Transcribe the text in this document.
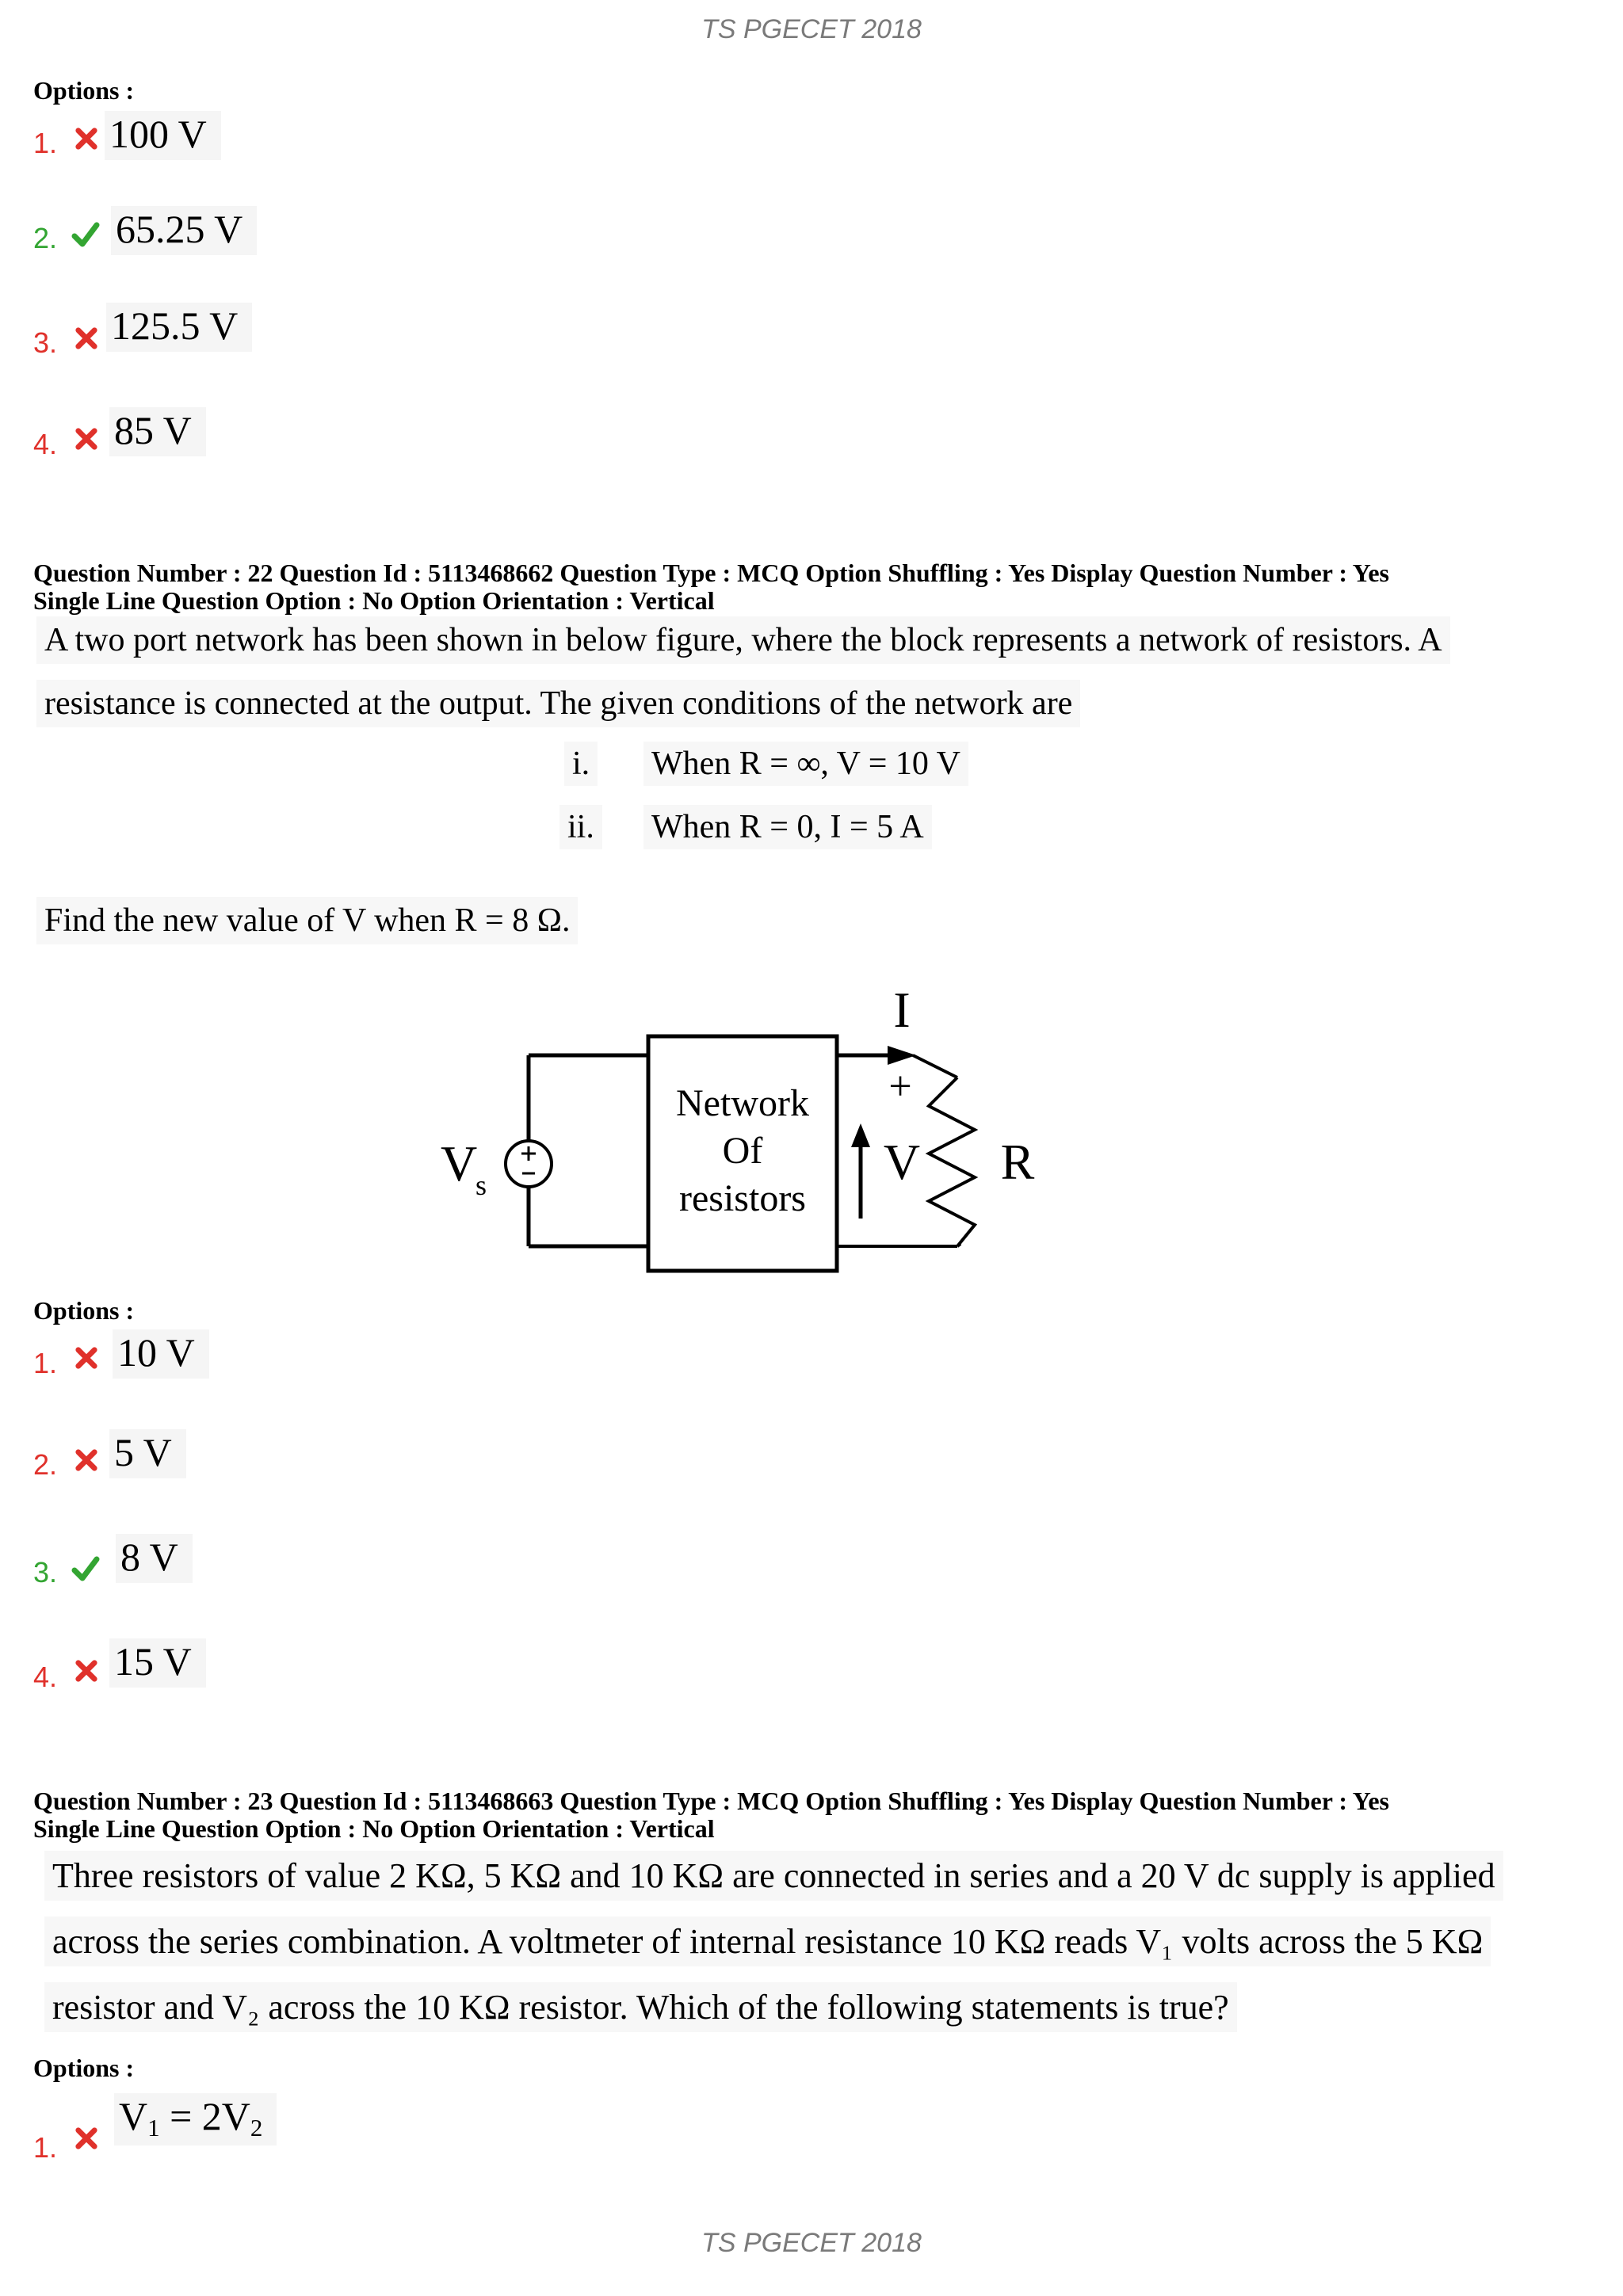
TS PGECET 2018
Options :
1. 100 V
2. 65.25 V
3. 125.5 V
4. 85 V
Question Number : 22 Question Id : 5113468662 Question Type : MCQ Option Shuffling : Yes Display Question Number : Yes
Single Line Question Option : No Option Orientation : Vertical
A two port network has been shown in below figure, where the block represents a network of resistors. A
resistance is connected at the output. The given conditions of the network are
i. When R = ∞, V = 10 V
ii. When R = 0, I = 5 A
Find the new value of V when R = 8 Ω.
V
s
Network
Of
resistors
I
+
V R
Options :
1. 10 V
2. 5 V
3. 8 V
4. 15 V
Question Number : 23 Question Id : 5113468663 Question Type : MCQ Option Shuffling : Yes Display Question Number : Yes
Single Line Question Option : No Option Orientation : Vertical
Three resistors of value 2 KΩ, 5 KΩ and 10 KΩ are connected in series and a 20 V dc supply is applied
across the series combination. A voltmeter of internal resistance 10 KΩ reads V₁ volts across the 5 KΩ
resistor and V₂ across the 10 KΩ resistor. Which of the following statements is true?
Options :
1.
$V_1 = 2V_2$
TS PGECET 2018
